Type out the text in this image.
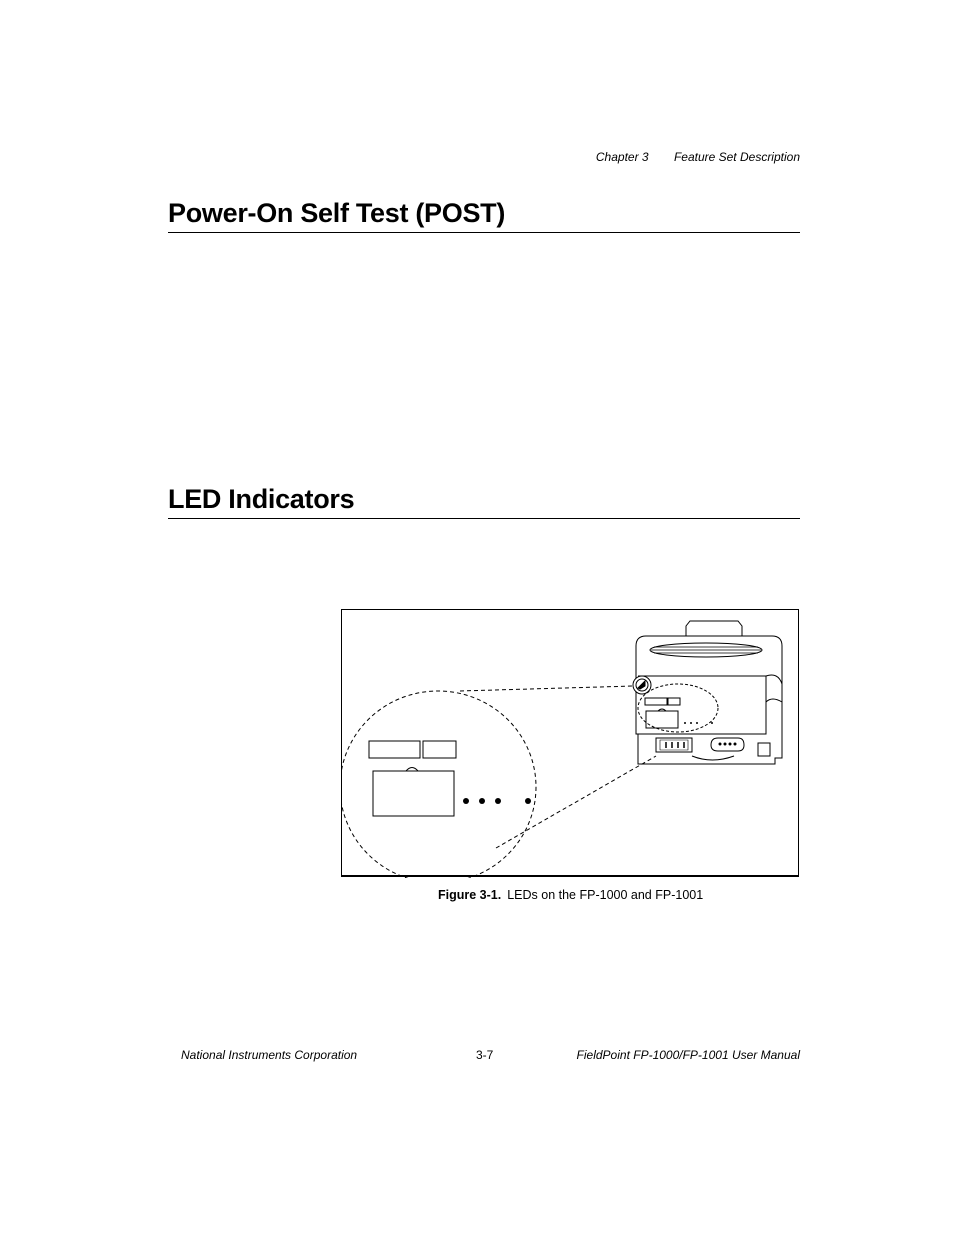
Chapter 3 Feature Set Description
Power-On Self Test (POST)
LED Indicators
Figure 3-1. LEDs on the FP-1000 and FP-1001
National Instruments Corporation	3-7	FieldPoint FP-1000/FP-1001 User Manual
